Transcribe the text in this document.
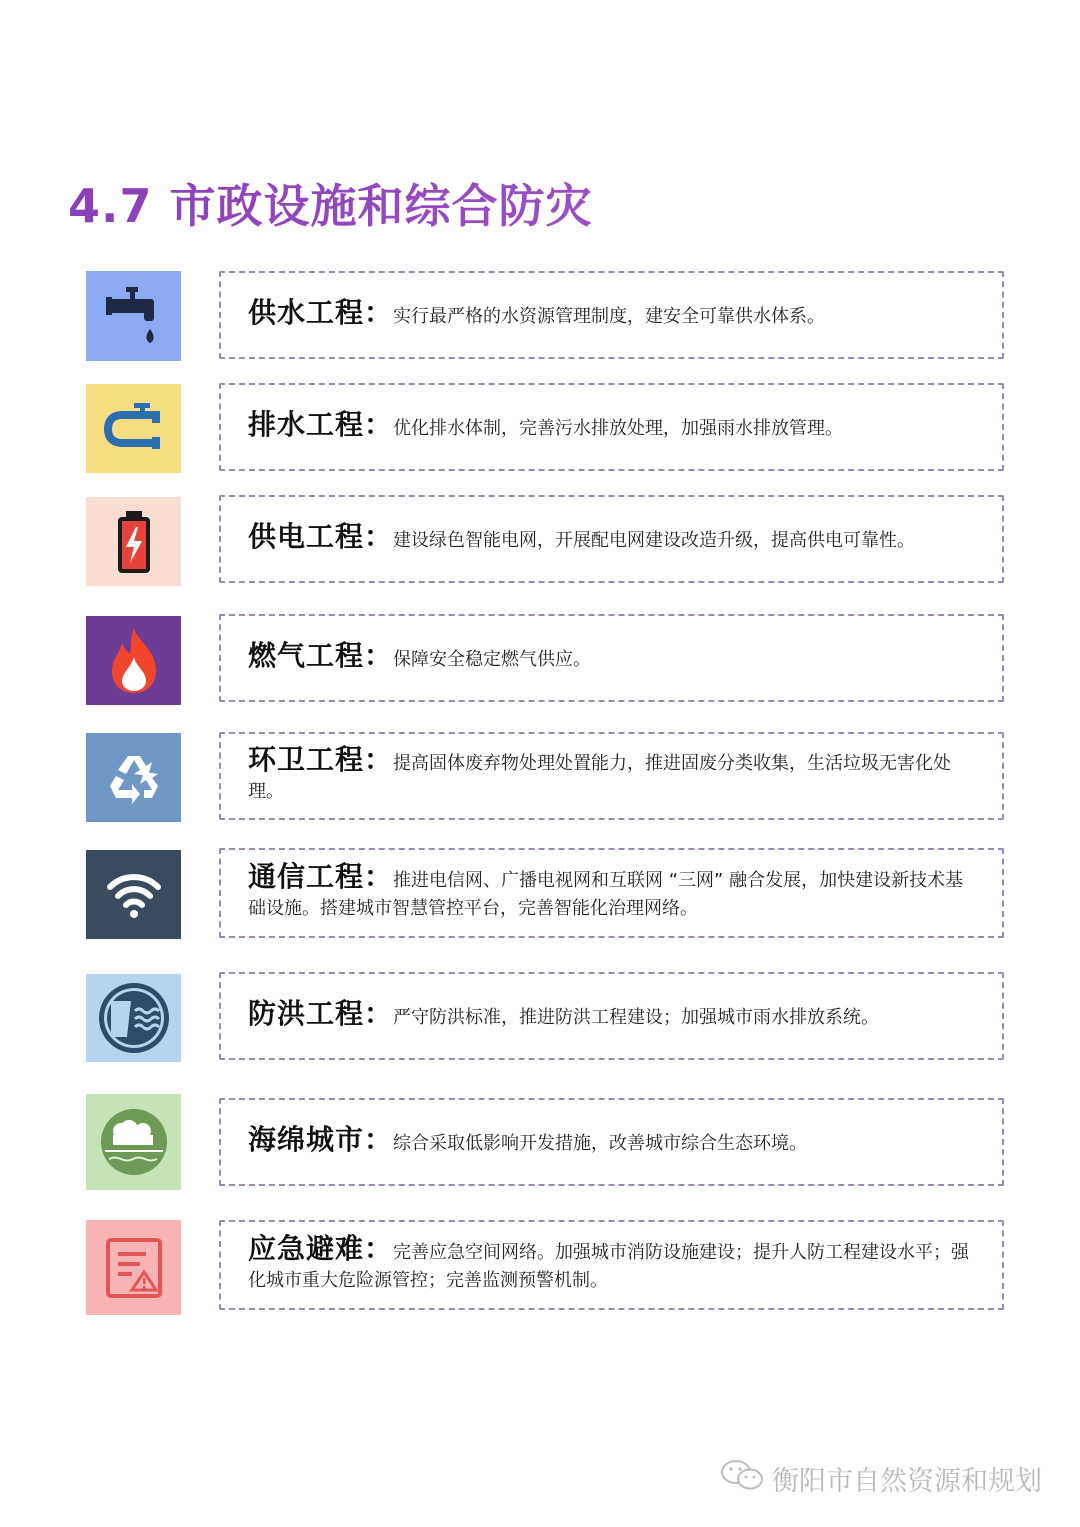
4.7 市政设施和综合防灾
供水工程：实行最严格的水资源管理制度，建安全可靠供水体系。
排水工程：优化排水体制，完善污水排放处理，加强雨水排放管理。
供电工程：建设绿色智能电网，开展配电网建设改造升级，提高供电可靠性。
燃气工程：保障安全稳定燃气供应。
环卫工程：提高固体废弃物处理处置能力，推进固废分类收集，生活垃圾无害化处理。
通信工程：推进电信网、广播电视网和互联网 “三网” 融合发展，加快建设新技术基础设施。搭建城市智慧管控平台，完善智能化治理网络。
防洪工程：严守防洪标准，推进防洪工程建设；加强城市雨水排放系统。
海绵城市：综合采取低影响开发措施，改善城市综合生态环境。
应急避难：完善应急空间网络。加强城市消防设施建设；提升人防工程建设水平；强化城市重大危险源管控；完善监测预警机制。
衡阳市自然资源和规划
